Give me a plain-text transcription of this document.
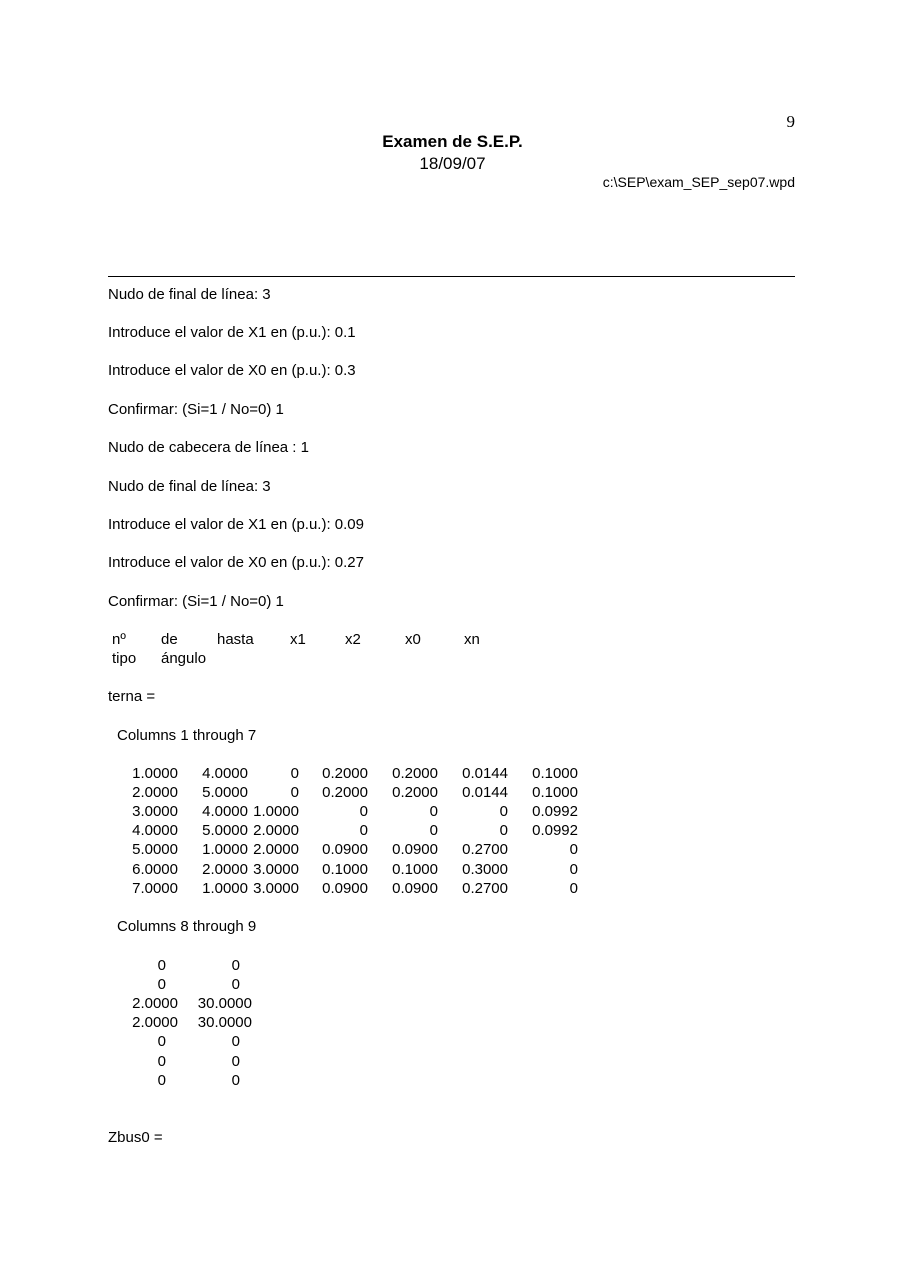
9
Examen de S.E.P.
18/09/07
c:\SEP\exam_SEP_sep07.wpd
Nudo de final de línea: 3
Introduce el valor de X1 en (p.u.): 0.1
Introduce el valor de X0 en (p.u.): 0.3
Confirmar: (Si=1 / No=0) 1
Nudo de cabecera de línea : 1
Nudo de final de línea: 3
Introduce el valor de X1 en (p.u.): 0.09
Introduce el valor de X0 en (p.u.): 0.27
Confirmar: (Si=1 / No=0) 1
nº de	hasta x1	x2	x0	xn
tipo ángulo
terna =
Columns 1 through 7
1.0000 4.0000	0 0.2000 0.2000 0.0144 0.1000
2.0000 5.0000	0 0.2000 0.2000 0.0144 0.1000
3.0000 4.0000 1.0000	0	0	0 0.0992
4.0000 5.0000 2.0000	0	0	0 0.0992
5.0000 1.0000 2.0000 0.0900 0.0900 0.2700	0
6.0000 2.0000 3.0000 0.1000 0.1000 0.3000	0
7.0000 1.0000 3.0000 0.0900 0.0900 0.2700	0
Columns 8 through 9
0	0
0	0
2.0000 30.0000
2.0000 30.0000
0	0
0	0
0	0
Zbus0 =
